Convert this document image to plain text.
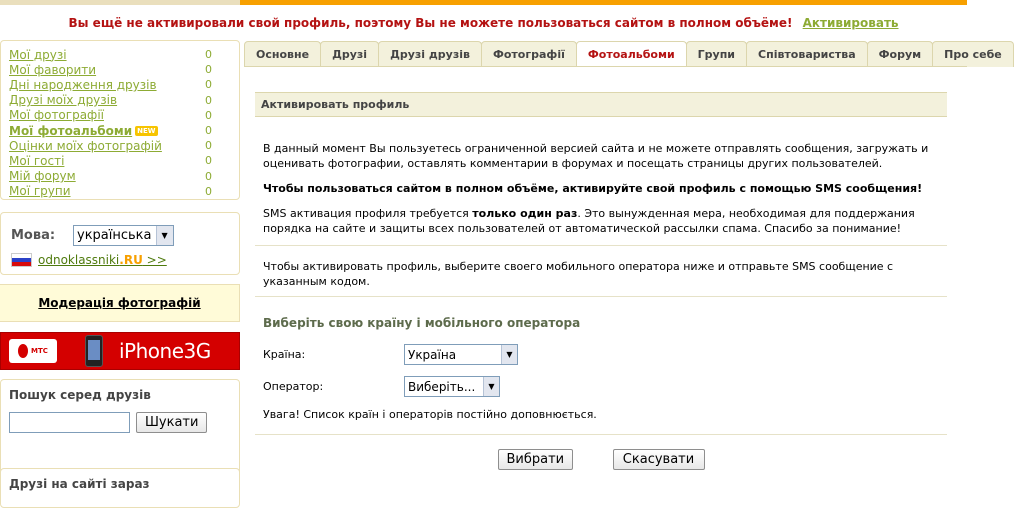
Вы ещё не активировали свой профиль, поэтому Вы не можете пользоваться сайтом в полном объёме! Активировать
Мої друзі	0
Мої фаворити	0
Дні народження друзів	0
Друзі моїх друзів	0
Мої фотографії	0
Мої фотоальбоми NEW	0
Оцінки моїх фотографій	0
Мої гості	0
Мій форум	0
Мої групи	0
Мова:	українська	▼
odnoklassniki.RU >>
Модерація фотографій
МТС	iPhone3G
Пошук серед друзів
Шукати
Друзі на сайті зараз
Основне	Друзі	Друзі друзів	Фотографії	Фотоальбоми	Групи	Співтовариства	Форум	Про себе
Активировать профиль
В данный момент Вы пользуетесь ограниченной версией сайта и не можете отправлять сообщения, загружать и оценивать фотографии, оставлять комментарии в форумах и посещать страницы других пользователей.
Чтобы пользоваться сайтом в полном объёме, активируйте свой профиль с помощью SMS сообщения!
SMS активация профиля требуется только один раз. Это вынужденная мера, необходимая для поддержания порядка на сайте и защиты всех пользователей от автоматической рассылки спама. Спасибо за понимание!
Чтобы активировать профиль, выберите своего мобильного оператора ниже и отправьте SMS сообщение с указанным кодом.
Виберіть свою країну і мобільного оператора
Країна:	Україна	▼
Оператор:	Виберіть...	▼
Увага! Список країн і операторів постійно доповнюється.
Вибрати	Скасувати
